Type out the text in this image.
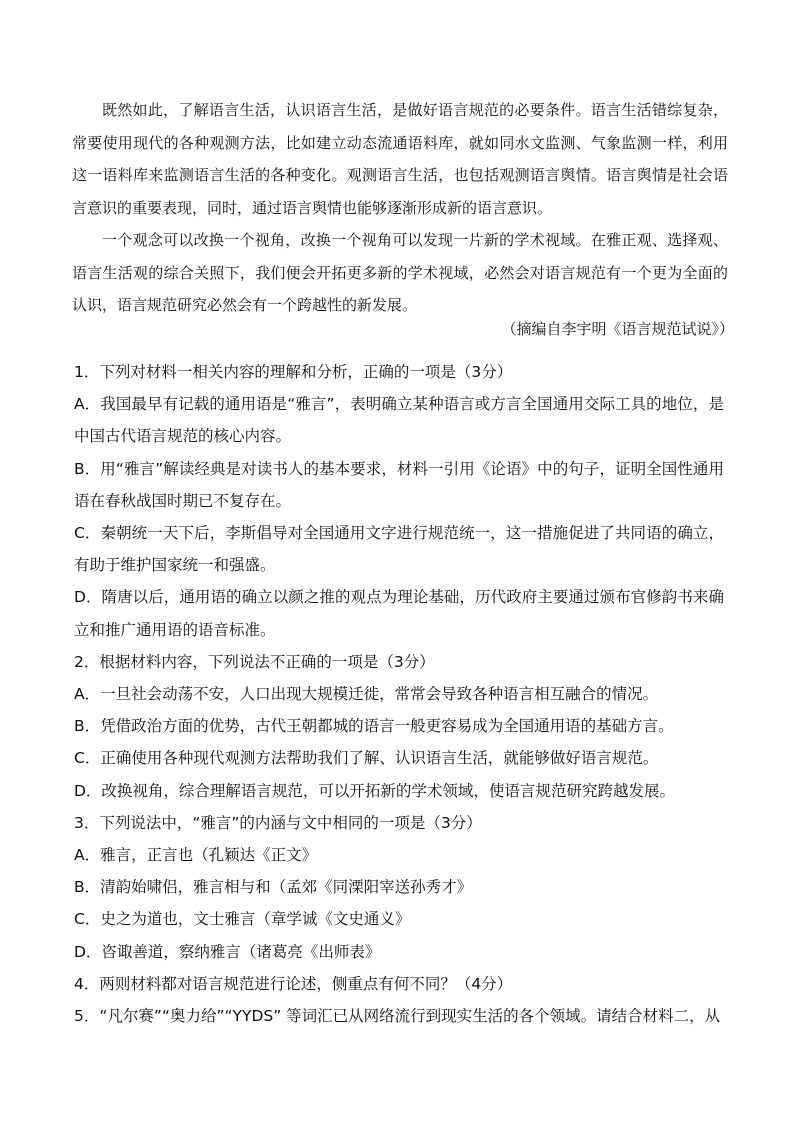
既然如此，了解语言生活，认识语言生活，是做好语言规范的必要条件。语言生活错综复杂，常要使用现代的各种观测方法，比如建立动态流通语料库，就如同水文监测、气象监测一样，利用这一语料库来监测语言生活的各种变化。观测语言生活，也包括观测语言舆情。语言舆情是社会语言意识的重要表现，同时，通过语言舆情也能够逐渐形成新的语言意识。

一个观念可以改换一个视角，改换一个视角可以发现一片新的学术视域。在雅正观、选择观、语言生活观的综合关照下，我们便会开拓更多新的学术视域，必然会对语言规范有一个更为全面的认识，语言规范研究必然会有一个跨越性的新发展。

（摘编自李宇明《语言规范试说》）
1．下列对材料一相关内容的理解和分析，正确的一项是（3分）
A．我国最早有记载的通用语是“雅言”，表明确立某种语言或方言全国通用交际工具的地位，是中国古代语言规范的核心内容。
B．用“雅言”解读经典是对读书人的基本要求，材料一引用《论语》中的句子，证明全国性通用语在春秋战国时期已不复存在。
C．秦朝统一天下后，李斯倡导对全国通用文字进行规范统一，这一措施促进了共同语的确立，有助于维护国家统一和强盛。
D．隋唐以后，通用语的确立以颜之推的观点为理论基础，历代政府主要通过颁布官修韵书来确立和推广通用语的语音标准。
2．根据材料内容，下列说法不正确的一项是（3分）
A．一旦社会动荡不安，人口出现大规模迁徙，常常会导致各种语言相互融合的情况。
B．凭借政治方面的优势，古代王朝都城的语言一般更容易成为全国通用语的基础方言。
C．正确使用各种现代观测方法帮助我们了解、认识语言生活，就能够做好语言规范。
D．改换视角，综合理解语言规范，可以开拓新的学术领域，使语言规范研究跨越发展。
3．下列说法中，“雅言”的内涵与文中相同的一项是（3分）
A．雅言，正言也（孔颖达《正文》
B．清韵始啸侣，雅言相与和（孟郊《同溧阳宰送孙秀才》
C．史之为道也，文士雅言（章学诚《文史通义》
D．咨诹善道，察纳雅言（诸葛亮《出师表》
4．两则材料都对语言规范进行论述，侧重点有何不同？（4分）
5．“凡尔赛”“奥力给”“YYDS” 等词汇已从网络流行到现实生活的各个领域。请结合材料二，从
